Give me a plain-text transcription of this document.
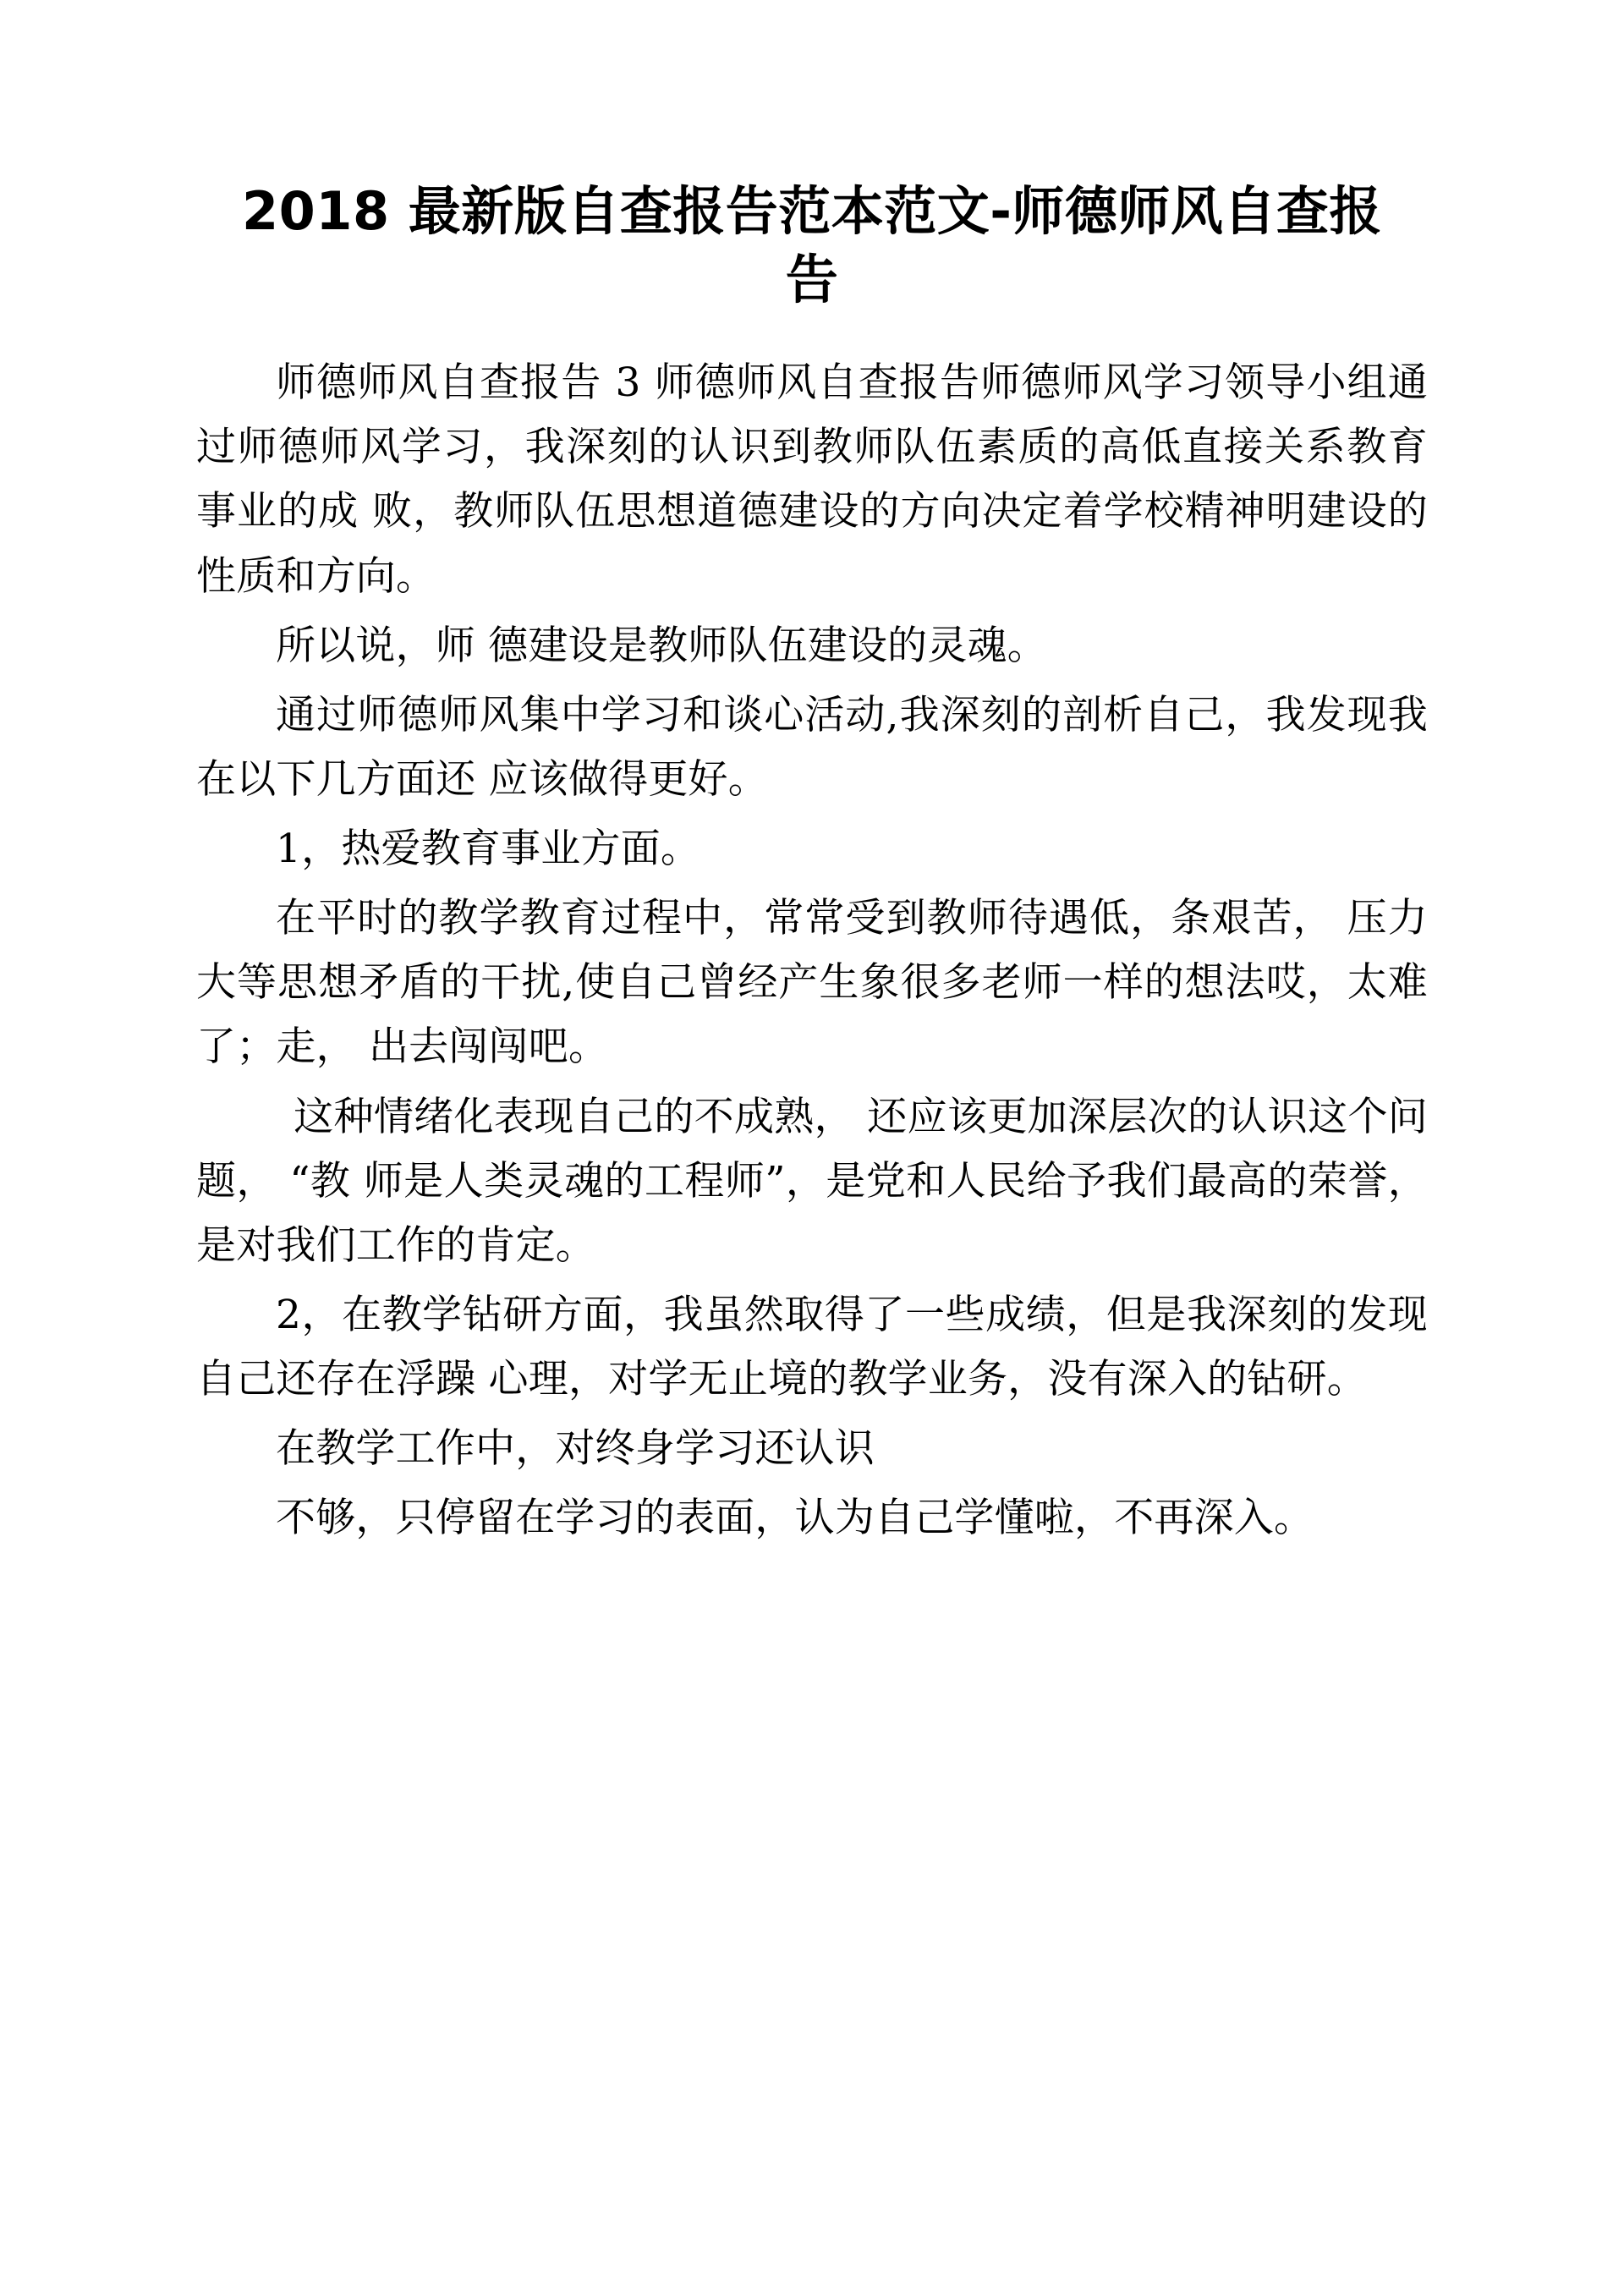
2018 最新版自查报告范本范文-师德师风自查报告

师德师风自查报告 3 师德师风自查报告师德师风学习领导小组通过师德师风学习，我深刻的认识到教师队伍素质的高低直接关系教育事业的成 败，教师队伍思想道德建设的方向决定着学校精神明建设的性质和方向。

所以说，师 德建设是教师队伍建设的灵魂。

通过师德师风集中学习和谈心活动,我深刻的剖析自己，我发现我在以下几方面还 应该做得更好。

1，热爱教育事业方面。

在平时的教学教育过程中，常常受到教师待遇低，条艰苦， 压力大等思想矛盾的干扰,使自己曾经产生象很多老师一样的想法哎，太难了；走， 出去闯闯吧。

这种情绪化表现自己的不成熟， 还应该更加深层次的认识这个问题， “教 师是人类灵魂的工程师”，是党和人民给予我们最高的荣誉，是对我们工作的肯定。

2，在教学钻研方面，我虽然取得了一些成绩，但是我深刻的发现自己还存在浮躁 心理，对学无止境的教学业务，没有深入的钻研。

在教学工作中，对终身学习还认识

不够，只停留在学习的表面，认为自己学懂啦，不再深入。
